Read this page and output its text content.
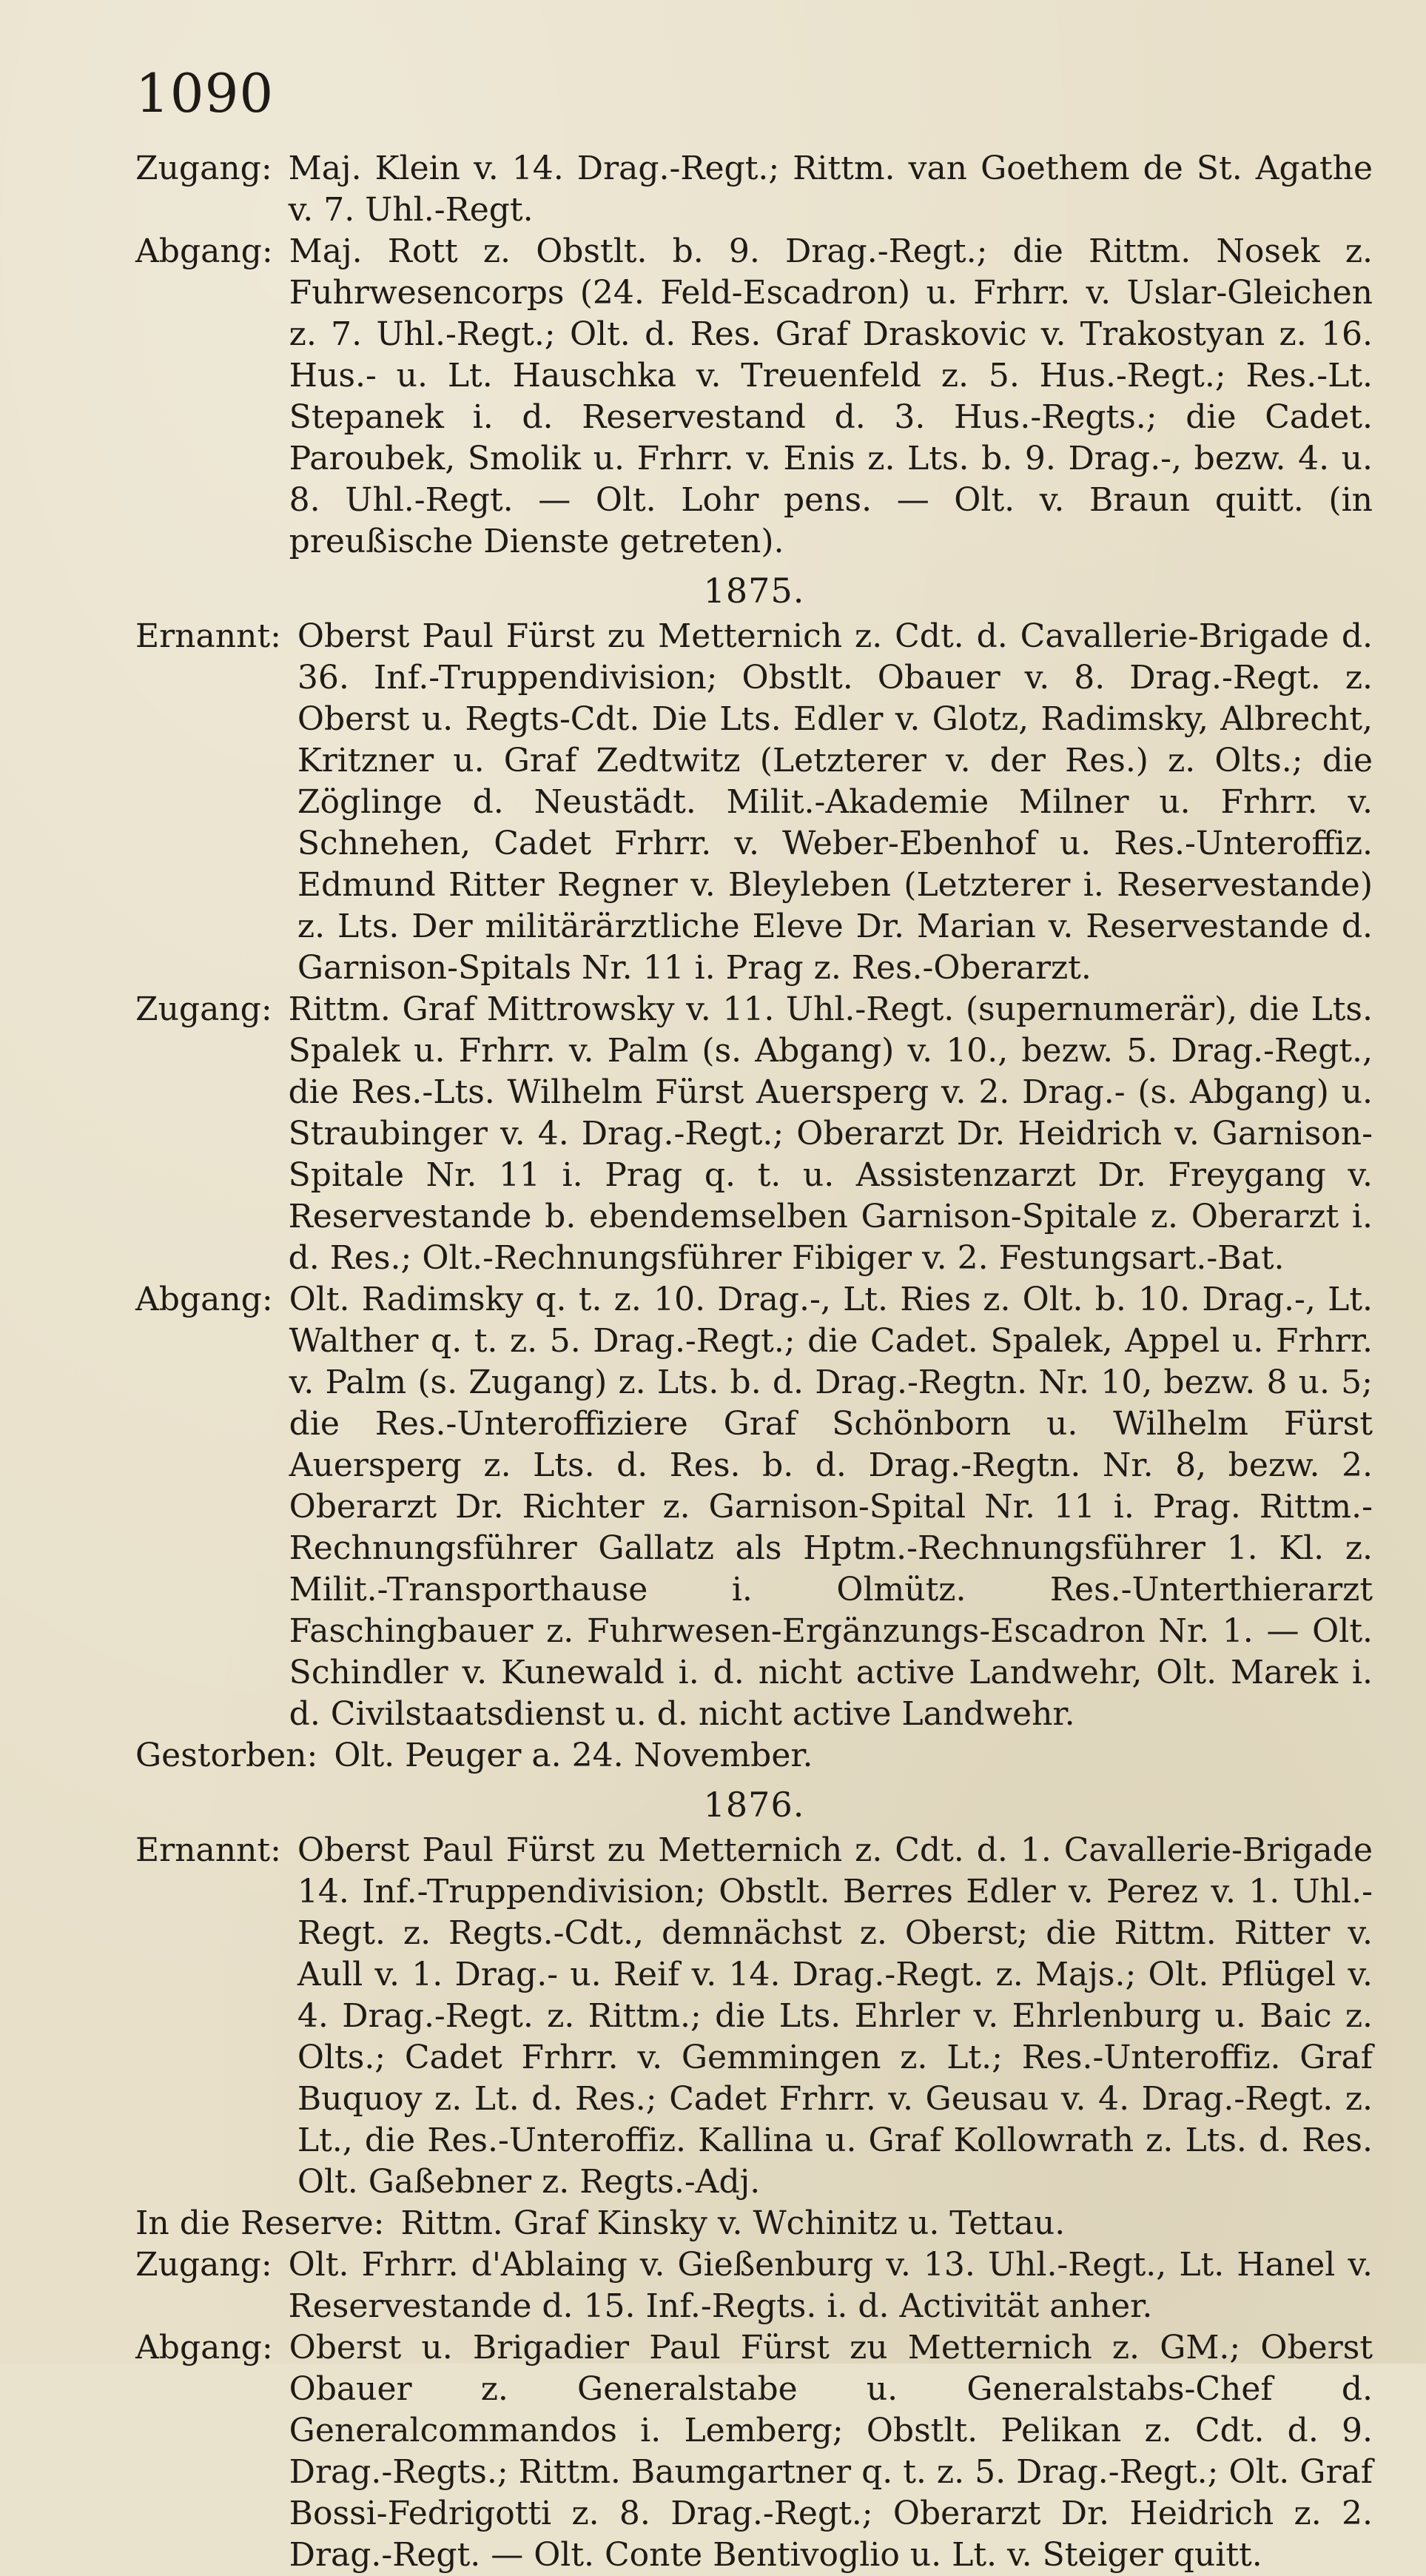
1090
Zugang: Maj. Klein v. 14. Drag.-Regt.; Rittm. van Goethem de St. Agathe v. 7. Uhl.-Regt.
Abgang: Maj. Rott z. Obstlt. b. 9. Drag.-Regt.; die Rittm. Nosek z. Fuhrwesencorps (24. Feld-Escadron) u. Frhrr. v. Uslar-Gleichen z. 7. Uhl.-Regt.; Olt. d. Res. Graf Draskovic v. Trakostyan z. 16. Hus.- u. Lt. Hauschka v. Treuenfeld z. 5. Hus.-Regt.; Res.-Lt. Stepanek i. d. Reservestand d. 3. Hus.-Regts.; die Cadet. Paroubek, Smolik u. Frhrr. v. Enis z. Lts. b. 9. Drag.-, bezw. 4. u. 8. Uhl.-Regt. — Olt. Lohr pens. — Olt. v. Braun quitt. (in preußische Dienste getreten).
1875.
Ernannt: Oberst Paul Fürst zu Metternich z. Cdt. d. Cavallerie-Brigade d. 36. Inf.-Truppendivision; Obstlt. Obauer v. 8. Drag.-Regt. z. Oberst u. Regts-Cdt. Die Lts. Edler v. Glotz, Radimsky, Albrecht, Kritzner u. Graf Zedtwitz (Letzterer v. der Res.) z. Olts.; die Zöglinge d. Neustädt. Milit.-Akademie Milner u. Frhrr. v. Schnehen, Cadet Frhrr. v. Weber-Ebenhof u. Res.-Unteroffiz. Edmund Ritter Regner v. Bleyleben (Letzterer i. Reservestande) z. Lts. Der militärärztliche Eleve Dr. Marian v. Reservestande d. Garnison-Spitals Nr. 11 i. Prag z. Res.-Oberarzt.
Zugang: Rittm. Graf Mittrowsky v. 11. Uhl.-Regt. (supernumerär), die Lts. Spalek u. Frhrr. v. Palm (s. Abgang) v. 10., bezw. 5. Drag.-Regt., die Res.-Lts. Wilhelm Fürst Auersperg v. 2. Drag.- (s. Abgang) u. Straubinger v. 4. Drag.-Regt.; Oberarzt Dr. Heidrich v. Garnison-Spitale Nr. 11 i. Prag q. t. u. Assistenzarzt Dr. Freygang v. Reservestande b. ebendemselben Garnison-Spitale z. Oberarzt i. d. Res.; Olt.-Rechnungsführer Fibiger v. 2. Festungsart.-Bat.
Abgang: Olt. Radimsky q. t. z. 10. Drag.-, Lt. Ries z. Olt. b. 10. Drag.-, Lt. Walther q. t. z. 5. Drag.-Regt.; die Cadet. Spalek, Appel u. Frhrr. v. Palm (s. Zugang) z. Lts. b. d. Drag.-Regtn. Nr. 10, bezw. 8 u. 5; die Res.-Unteroffiziere Graf Schönborn u. Wilhelm Fürst Auersperg z. Lts. d. Res. b. d. Drag.-Regtn. Nr. 8, bezw. 2. Oberarzt Dr. Richter z. Garnison-Spital Nr. 11 i. Prag. Rittm.-Rechnungsführer Gallatz als Hptm.-Rechnungsführer 1. Kl. z. Milit.-Transporthause i. Olmütz. Res.-Unterthierarzt Faschingbauer z. Fuhrwesen-Ergänzungs-Escadron Nr. 1. — Olt. Schindler v. Kunewald i. d. nicht active Landwehr, Olt. Marek i. d. Civilstaatsdienst u. d. nicht active Landwehr.
Gestorben: Olt. Peuger a. 24. November.
1876.
Ernannt: Oberst Paul Fürst zu Metternich z. Cdt. d. 1. Cavallerie-Brigade 14. Inf.-Truppendivision; Obstlt. Berres Edler v. Perez v. 1. Uhl.-Regt. z. Regts.-Cdt., demnächst z. Oberst; die Rittm. Ritter v. Aull v. 1. Drag.- u. Reif v. 14. Drag.-Regt. z. Majs.; Olt. Pflügel v. 4. Drag.-Regt. z. Rittm.; die Lts. Ehrler v. Ehrlenburg u. Baic z. Olts.; Cadet Frhrr. v. Gemmingen z. Lt.; Res.-Unteroffiz. Graf Buquoy z. Lt. d. Res.; Cadet Frhrr. v. Geusau v. 4. Drag.-Regt. z. Lt., die Res.-Unteroffiz. Kallina u. Graf Kollowrath z. Lts. d. Res. Olt. Gaßebner z. Regts.-Adj.
In die Reserve: Rittm. Graf Kinsky v. Wchinitz u. Tettau.
Zugang: Olt. Frhrr. d'Ablaing v. Gießenburg v. 13. Uhl.-Regt., Lt. Hanel v. Reservestande d. 15. Inf.-Regts. i. d. Activität anher.
Abgang: Oberst u. Brigadier Paul Fürst zu Metternich z. GM.; Oberst Obauer z. Generalstabe u. Generalstabs-Chef d. Generalcommandos i. Lemberg; Obstlt. Pelikan z. Cdt. d. 9. Drag.-Regts.; Rittm. Baumgartner q. t. z. 5. Drag.-Regt.; Olt. Graf Bossi-Fedrigotti z. 8. Drag.-Regt.; Oberarzt Dr. Heidrich z. 2. Drag.-Regt. — Olt. Conte Bentivoglio u. Lt. v. Steiger quitt.
